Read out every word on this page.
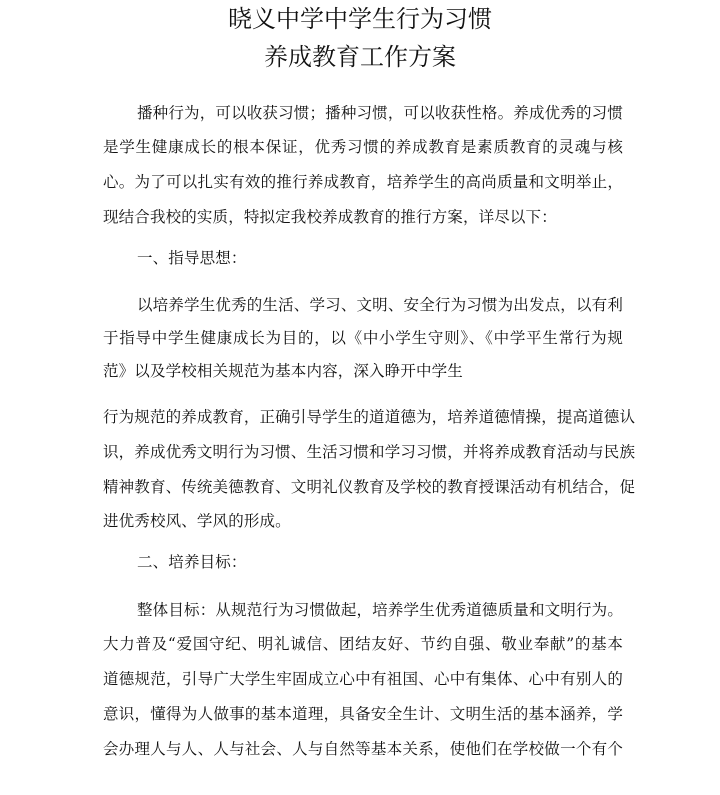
晓义中学中学生行为习惯
养成教育工作方案
播种行为，可以收获习惯；播种习惯，可以收获性格。养成优秀的习惯
是学生健康成长的根本保证，优秀习惯的养成教育是素质教育的灵魂与核
心。为了可以扎实有效的推行养成教育，培养学生的高尚质量和文明举止，
现结合我校的实质，特拟定我校养成教育的推行方案，详尽以下：
一、指导思想：
以培养学生优秀的生活、学习、文明、安全行为习惯为出发点，以有利
于指导中学生健康成长为目的，以《中小学生守则》、《中学平生常行为规
范》以及学校相关规范为基本内容，深入睁开中学生
行为规范的养成教育，正确引导学生的道道德为，培养道德情操，提高道德认
识，养成优秀文明行为习惯、生活习惯和学习习惯，并将养成教育活动与民族
精神教育、传统美德教育、文明礼仪教育及学校的教育授课活动有机结合，促
进优秀校风、学风的形成。
二、培养目标：
整体目标：从规范行为习惯做起，培养学生优秀道德质量和文明行为。
大力普及“爱国守纪、明礼诚信、团结友好、节约自强、敬业奉献”的基本
道德规范，引导广大学生牢固成立心中有祖国、心中有集体、心中有别人的
意识，懂得为人做事的基本道理，具备安全生计、文明生活的基本涵养，学
会办理人与人、人与社会、人与自然等基本关系，使他们在学校做一个有个
